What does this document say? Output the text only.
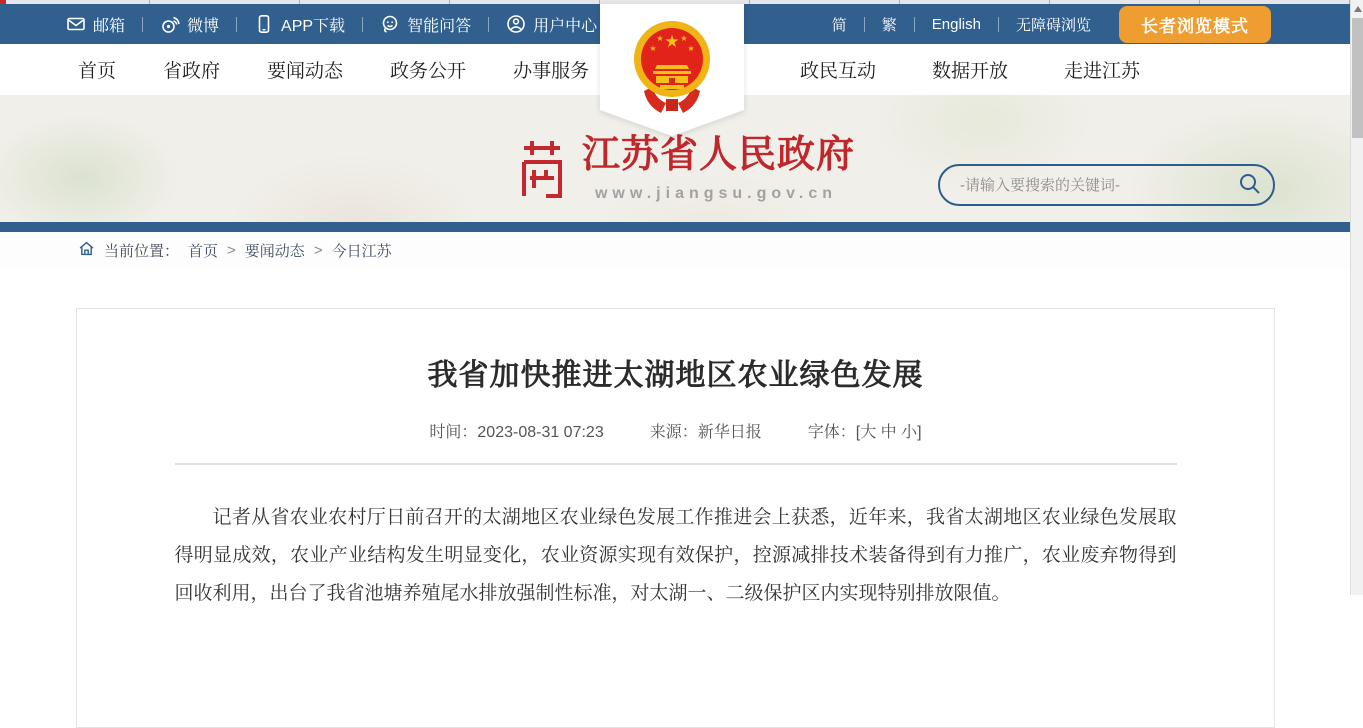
邮箱	微博	APP下载	智能问答	用户中心	简 繁 English 无障碍浏览	长者浏览模式
首页 省政府 要闻动态 政务公开 办事服务	政民互动	数据开放	走进江苏
★
★
★ ★
★
江苏省人民政府
www.jiangsu.gov.cn
-请输入要搜索的关键词-
当前位置： 首页 > 要闻动态 > 今日江苏
我省加快推进太湖地区农业绿色发展
时间：2023-08-31 07:23	来源：新华日报	字体：[大 中 小]

记者从省农业农村厅日前召开的太湖地区农业绿色发展工作推进会上获悉，近年来，我省太湖地区农业绿色发展取得明显成效，农业产业结构发生明显变化，农业资源实现有效保护，控源减排技术装备得到有力推广，农业废弃物得到回收利用，出台了我省池塘养殖尾水排放强制性标准，对太湖一、二级保护区内实现特别排放限值。
